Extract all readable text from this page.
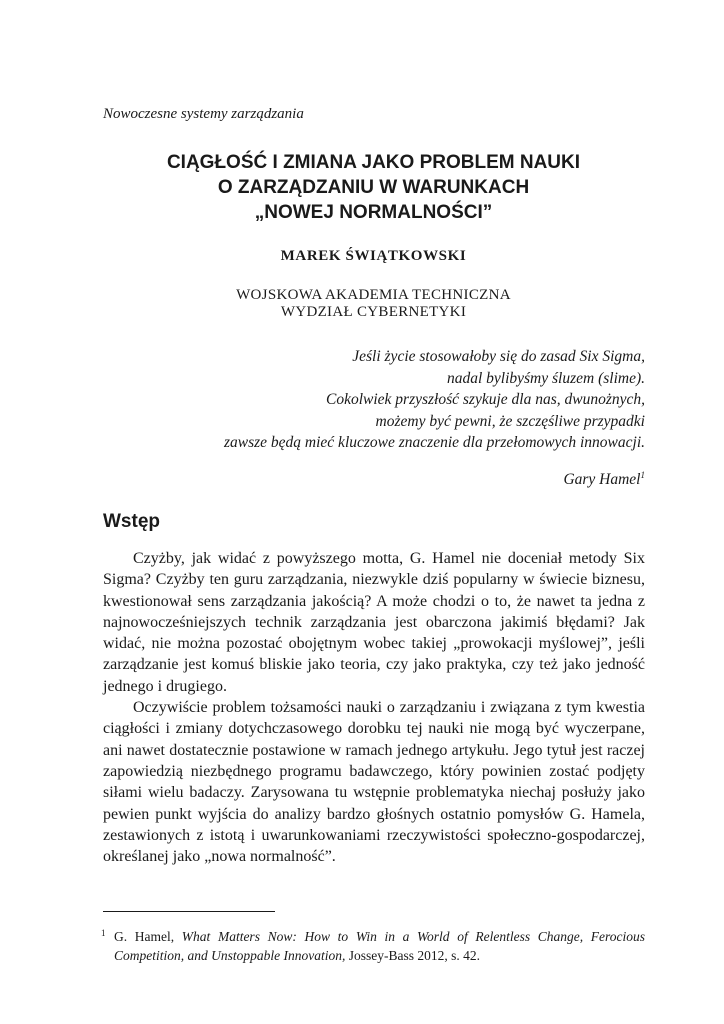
Nowoczesne systemy zarządzania

CIĄGŁOŚĆ I ZMIANA JAKO PROBLEM NAUKI
O ZARZĄDZANIU W WARUNKACH
„NOWEJ NORMALNOŚCI”

MAREK ŚWIĄTKOWSKI

WOJSKOWA AKADEMIA TECHNICZNA
WYDZIAŁ CYBERNETYKI

Jeśli życie stosowałoby się do zasad Six Sigma,
nadal bylibyśmy śluzem (slime).
Cokolwiek przyszłość szykuje dla nas, dwunożnych,
możemy być pewni, że szczęśliwe przypadki
zawsze będą mieć kluczowe znaczenie dla przełomowych innowacji.
Gary Hamel$^1$
Wstęp

Czyżby, jak widać z powyższego motta, G. Hamel nie doceniał metody Six Sigma? Czyżby ten guru zarządzania, niezwykle dziś popularny w świecie biznesu, kwestionował sens zarządzania jakością? A może chodzi o to, że nawet ta jedna z najnowocześniejszych technik zarządzania jest obarczona jakimiś błędami? Jak widać, nie można pozostać obojętnym wobec takiej „prowokacji myślowej”, jeśli zarządzanie jest komuś bliskie jako teoria, czy jako praktyka, czy też jako jedność jednego i drugiego.

Oczywiście problem tożsamości nauki o zarządzaniu i związana z tym kwestia ciągłości i zmiany dotychczasowego dorobku tej nauki nie mogą być wyczerpane, ani nawet dostatecznie postawione w ramach jednego artykułu. Jego tytuł jest raczej zapowiedzią niezbędnego programu badawczego, który powinien zostać podjęty siłami wielu badaczy. Zarysowana tu wstępnie problematyka niechaj posłuży jako pewien punkt wyjścia do analizy bardzo głośnych ostatnio pomysłów G. Hamela, zestawionych z istotą i uwarunkowaniami rzeczywistości społeczno-gospodarczej, określanej jako „nowa normalność”.

1 G. Hamel, What Matters Now: How to Win in a World of Relentless Change, Ferocious Competition, and Unstoppable Innovation, Jossey-Bass 2012, s. 42.
